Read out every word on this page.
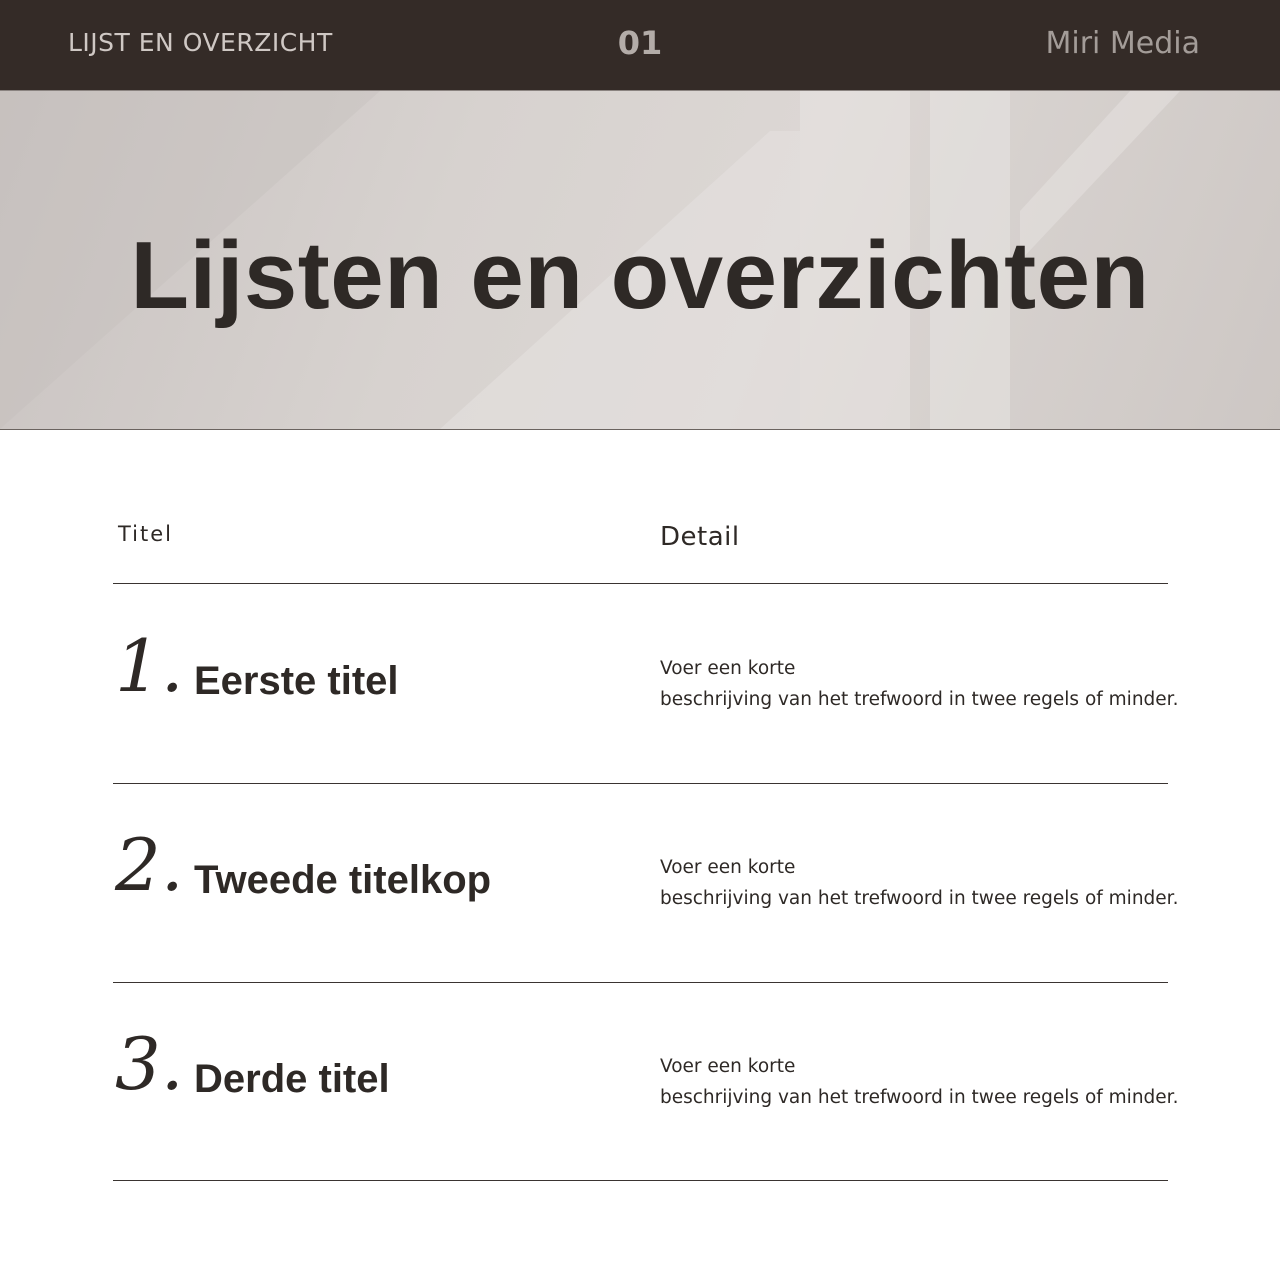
LIJST EN OVERZICHT	01	Miri Media
Lijsten en overzichten
Titel	Detail
1. Eerste titel	Voer een korte
beschrijving van het trefwoord in twee regels of minder.
2. Tweede titelkop	Voer een korte
beschrijving van het trefwoord in twee regels of minder.
3. Derde titel	Voer een korte
beschrijving van het trefwoord in twee regels of minder.
